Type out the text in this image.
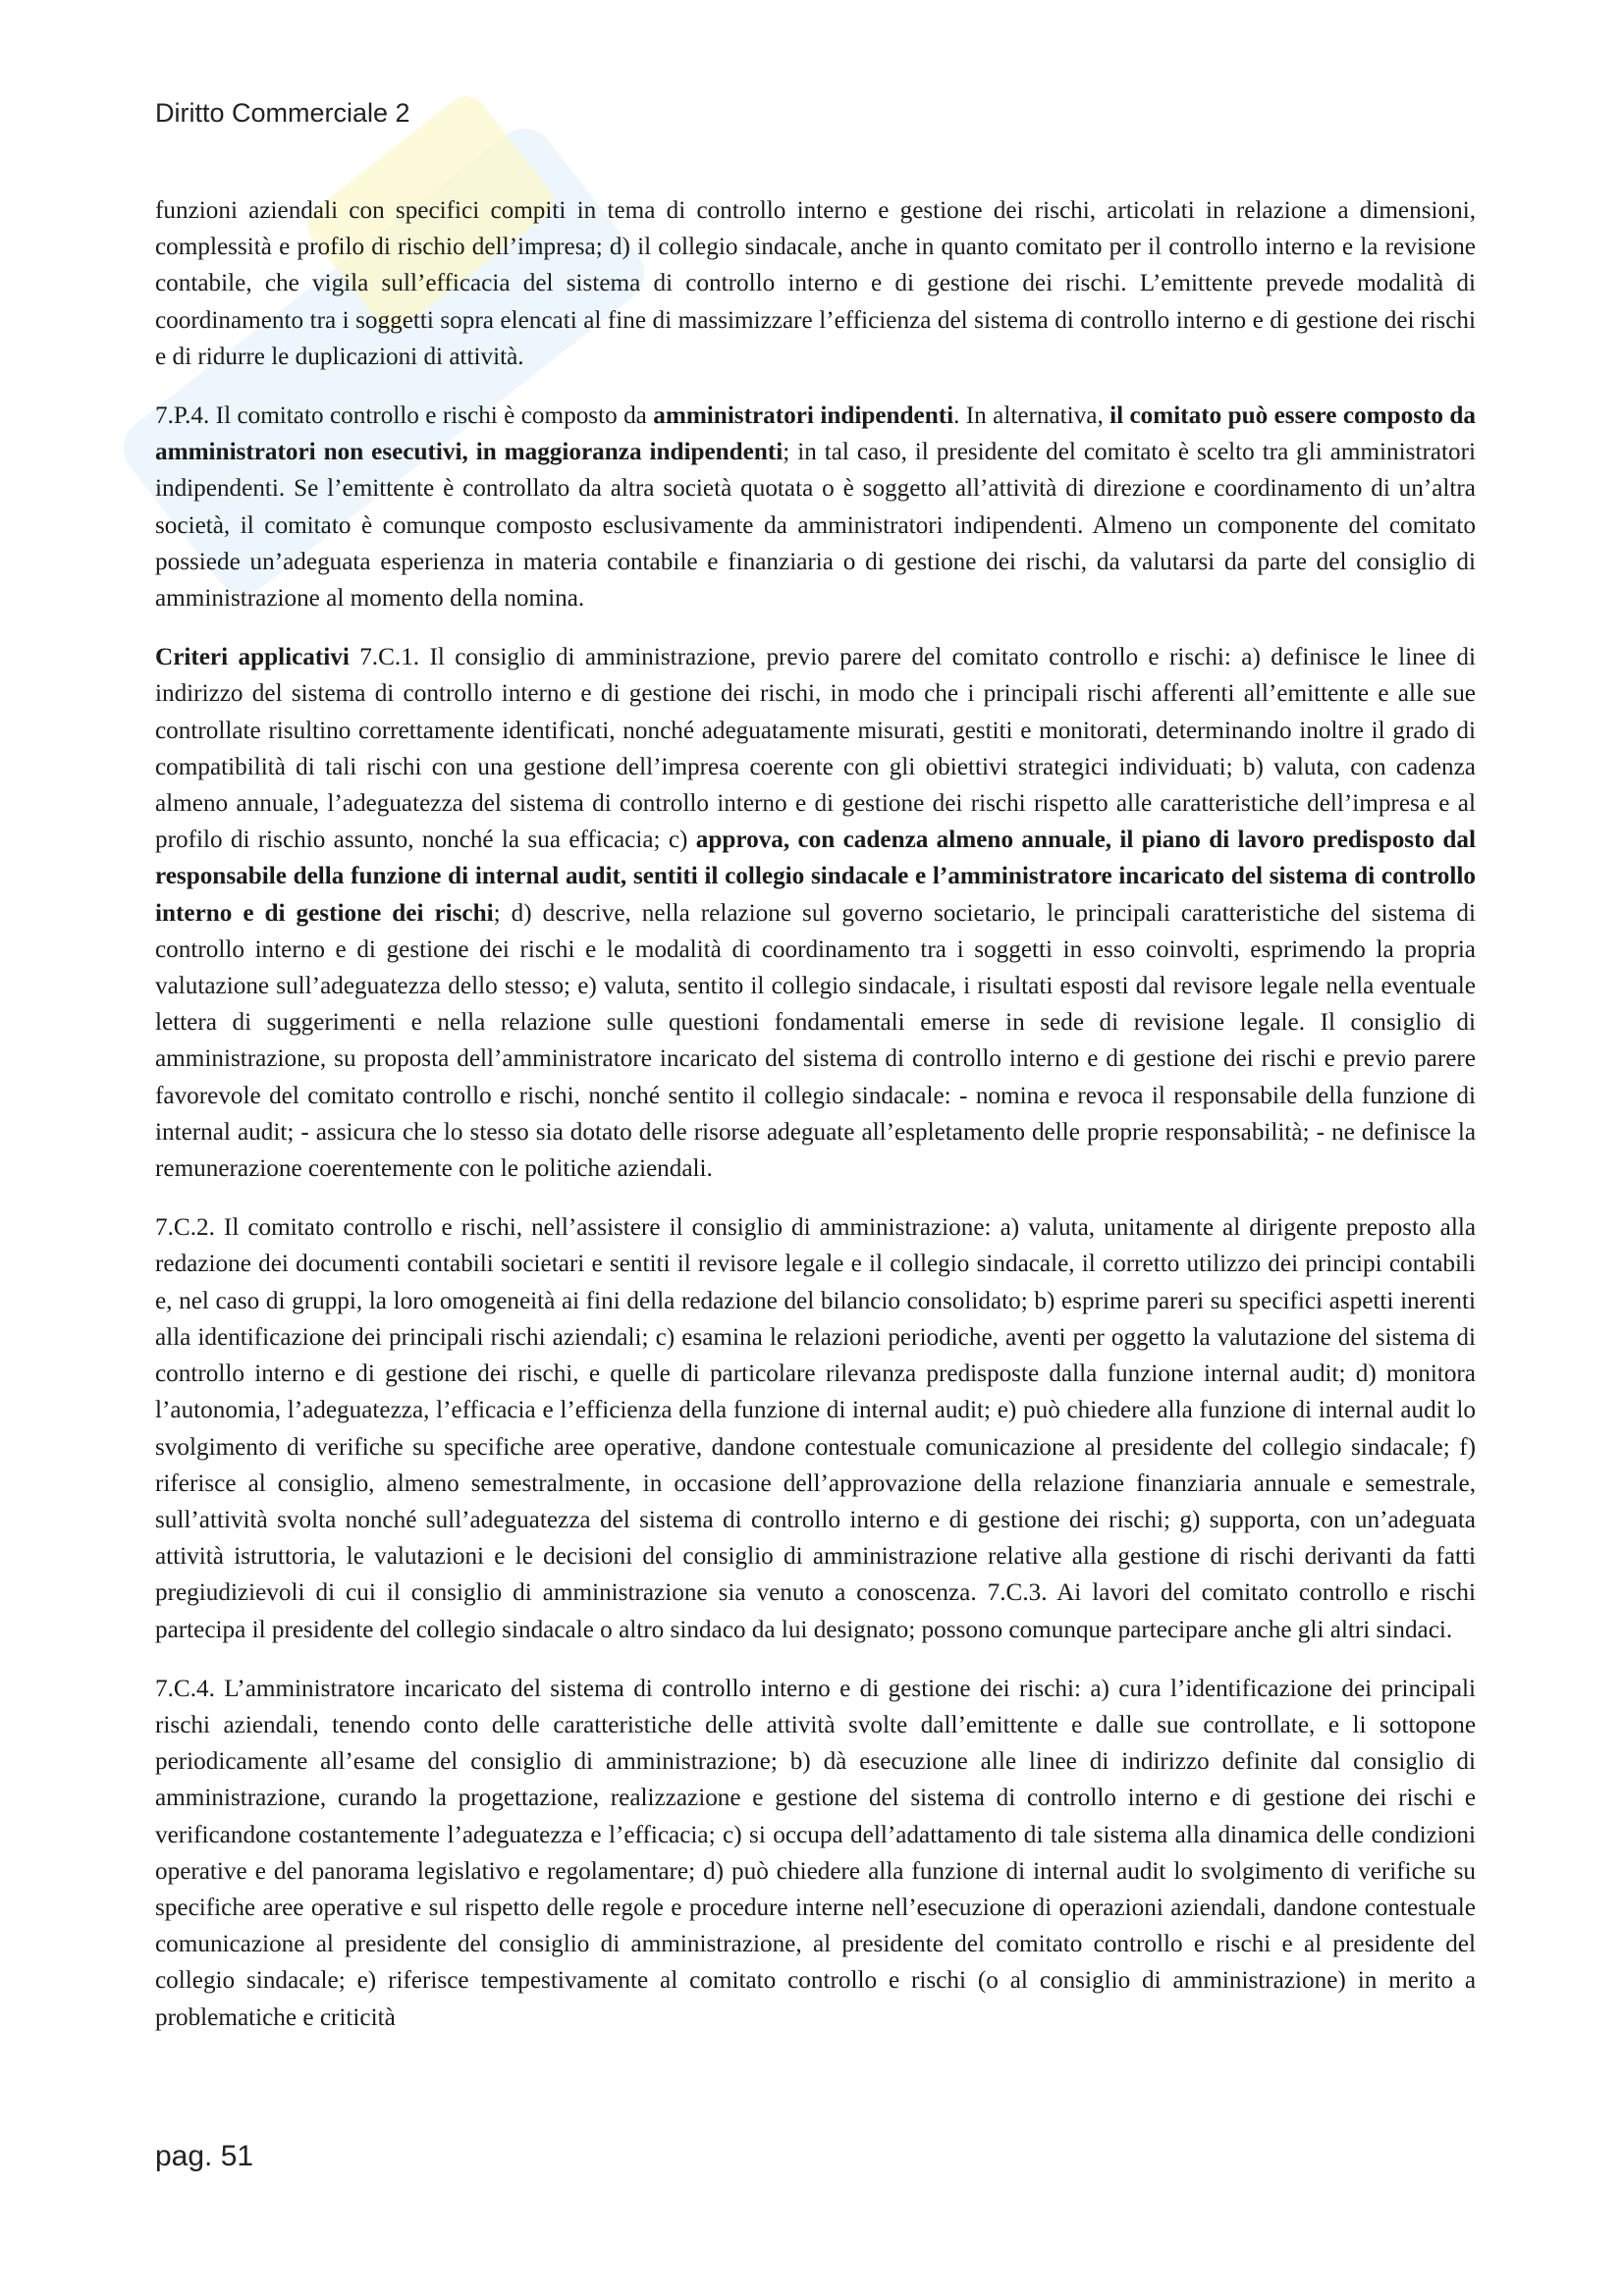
Diritto Commerciale 2

funzioni aziendali con specifici compiti in tema di controllo interno e gestione dei rischi, articolati in relazione a dimensioni, complessità e profilo di rischio dell’impresa; d) il collegio sindacale, anche in quanto comitato per il controllo interno e la revisione contabile, che vigila sull’efficacia del sistema di controllo interno e di gestione dei rischi. L’emittente prevede modalità di coordinamento tra i soggetti sopra elencati al fine di massimizzare l’efficienza del sistema di controllo interno e di gestione dei rischi e di ridurre le duplicazioni di attività.

7.P.4. Il comitato controllo e rischi è composto da amministratori indipendenti. In alternativa, il comitato può essere composto da amministratori non esecutivi, in maggioranza indipendenti; in tal caso, il presidente del comitato è scelto tra gli amministratori indipendenti. Se l’emittente è controllato da altra società quotata o è soggetto all’attività di direzione e coordinamento di un’altra società, il comitato è comunque composto esclusivamente da amministratori indipendenti. Almeno un componente del comitato possiede un’adeguata esperienza in materia contabile e finanziaria o di gestione dei rischi, da valutarsi da parte del consiglio di amministrazione al momento della nomina.

Criteri applicativi 7.C.1. Il consiglio di amministrazione, previo parere del comitato controllo e rischi: a) definisce le linee di indirizzo del sistema di controllo interno e di gestione dei rischi, in modo che i principali rischi afferenti all’emittente e alle sue controllate risultino correttamente identificati, nonché adeguatamente misurati, gestiti e monitorati, determinando inoltre il grado di compatibilità di tali rischi con una gestione dell’impresa coerente con gli obiettivi strategici individuati; b) valuta, con cadenza almeno annuale, l’adeguatezza del sistema di controllo interno e di gestione dei rischi rispetto alle caratteristiche dell’impresa e al profilo di rischio assunto, nonché la sua efficacia; c) approva, con cadenza almeno annuale, il piano di lavoro predisposto dal responsabile della funzione di internal audit, sentiti il collegio sindacale e l’amministratore incaricato del sistema di controllo interno e di gestione dei rischi; d) descrive, nella relazione sul governo societario, le principali caratteristiche del sistema di controllo interno e di gestione dei rischi e le modalità di coordinamento tra i soggetti in esso coinvolti, esprimendo la propria valutazione sull’adeguatezza dello stesso; e) valuta, sentito il collegio sindacale, i risultati esposti dal revisore legale nella eventuale lettera di suggerimenti e nella relazione sulle questioni fondamentali emerse in sede di revisione legale. Il consiglio di amministrazione, su proposta dell’amministratore incaricato del sistema di controllo interno e di gestione dei rischi e previo parere favorevole del comitato controllo e rischi, nonché sentito il collegio sindacale: - nomina e revoca il responsabile della funzione di internal audit; - assicura che lo stesso sia dotato delle risorse adeguate all’espletamento delle proprie responsabilità; - ne definisce la remunerazione coerentemente con le politiche aziendali.

7.C.2. Il comitato controllo e rischi, nell’assistere il consiglio di amministrazione: a) valuta, unitamente al dirigente preposto alla redazione dei documenti contabili societari e sentiti il revisore legale e il collegio sindacale, il corretto utilizzo dei principi contabili e, nel caso di gruppi, la loro omogeneità ai fini della redazione del bilancio consolidato; b) esprime pareri su specifici aspetti inerenti alla identificazione dei principali rischi aziendali; c) esamina le relazioni periodiche, aventi per oggetto la valutazione del sistema di controllo interno e di gestione dei rischi, e quelle di particolare rilevanza predisposte dalla funzione internal audit; d) monitora l’autonomia, l’adeguatezza, l’efficacia e l’efficienza della funzione di internal audit; e) può chiedere alla funzione di internal audit lo svolgimento di verifiche su specifiche aree operative, dandone contestuale comunicazione al presidente del collegio sindacale; f) riferisce al consiglio, almeno semestralmente, in occasione dell’approvazione della relazione finanziaria annuale e semestrale, sull’attività svolta nonché sull’adeguatezza del sistema di controllo interno e di gestione dei rischi; g) supporta, con un’adeguata attività istruttoria, le valutazioni e le decisioni del consiglio di amministrazione relative alla gestione di rischi derivanti da fatti pregiudizievoli di cui il consiglio di amministrazione sia venuto a conoscenza. 7.C.3. Ai lavori del comitato controllo e rischi partecipa il presidente del collegio sindacale o altro sindaco da lui designato; possono comunque partecipare anche gli altri sindaci.

7.C.4. L’amministratore incaricato del sistema di controllo interno e di gestione dei rischi: a) cura l’identificazione dei principali rischi aziendali, tenendo conto delle caratteristiche delle attività svolte dall’emittente e dalle sue controllate, e li sottopone periodicamente all’esame del consiglio di amministrazione; b) dà esecuzione alle linee di indirizzo definite dal consiglio di amministrazione, curando la progettazione, realizzazione e gestione del sistema di controllo interno e di gestione dei rischi e verificandone costantemente l’adeguatezza e l’efficacia; c) si occupa dell’adattamento di tale sistema alla dinamica delle condizioni operative e del panorama legislativo e regolamentare; d) può chiedere alla funzione di internal audit lo svolgimento di verifiche su specifiche aree operative e sul rispetto delle regole e procedure interne nell’esecuzione di operazioni aziendali, dandone contestuale comunicazione al presidente del consiglio di amministrazione, al presidente del comitato controllo e rischi e al presidente del collegio sindacale; e) riferisce tempestivamente al comitato controllo e rischi (o al consiglio di amministrazione) in merito a problematiche e criticità

pag. 51
